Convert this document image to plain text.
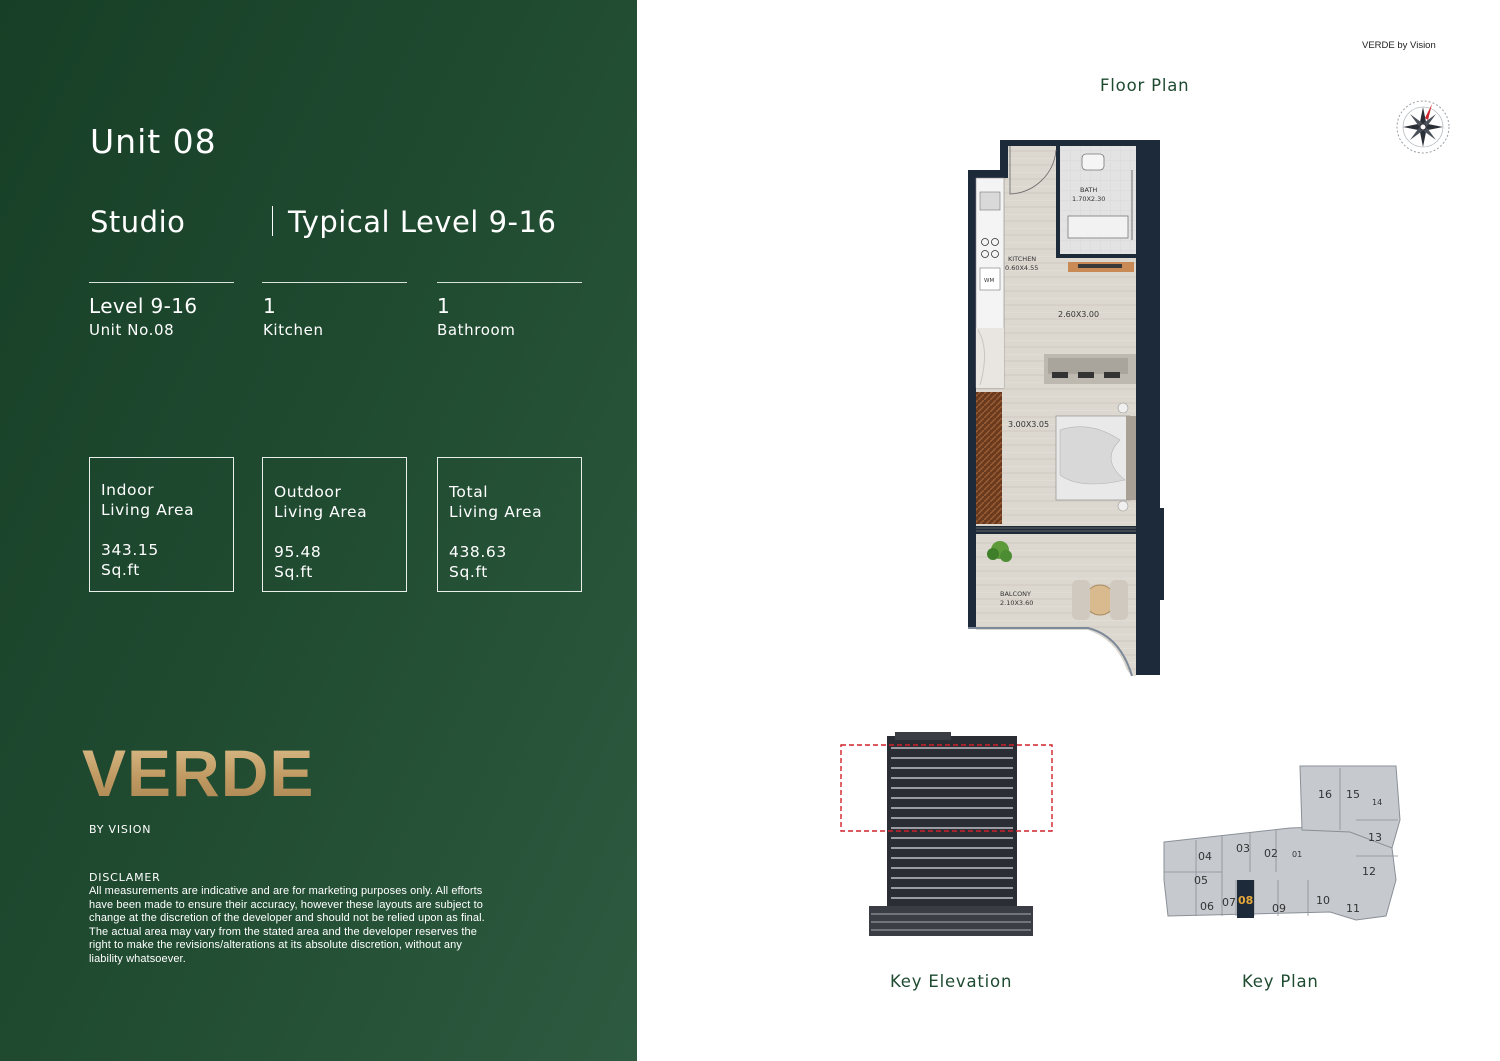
Unit 08
Studio	Typical Level 9-16
Level 9-16
Unit No.08
1
Kitchen
1
Bathroom
Indoor
Living Area
343.15
Sq.ft
Outdoor
Living Area
95.48
Sq.ft
Total
Living Area
438.63
Sq.ft
VERDE
BY VISION
DISCLAMER
All measurements are indicative and are for marketing purposes only. All efforts
have been made to ensure their accuracy, however these layouts are subject to
change at the discretion of the developer and should not be relied upon as final.
The actual area may vary from the stated area and the developer reserves the
right to make the revisions/alterations at its absolute discretion, without any
liability whatsoever.
VERDE by Vision
Floor Plan
BATH
1.70X2.30
WM
KITCHEN
0.60X4.55
2.60X3.00
3.00X3.05
BALCONY
2.10X3.60
Key Elevation
01
02
03
04
05
06 07 08
09
10
11
12
13
14
15
16
Key Plan
